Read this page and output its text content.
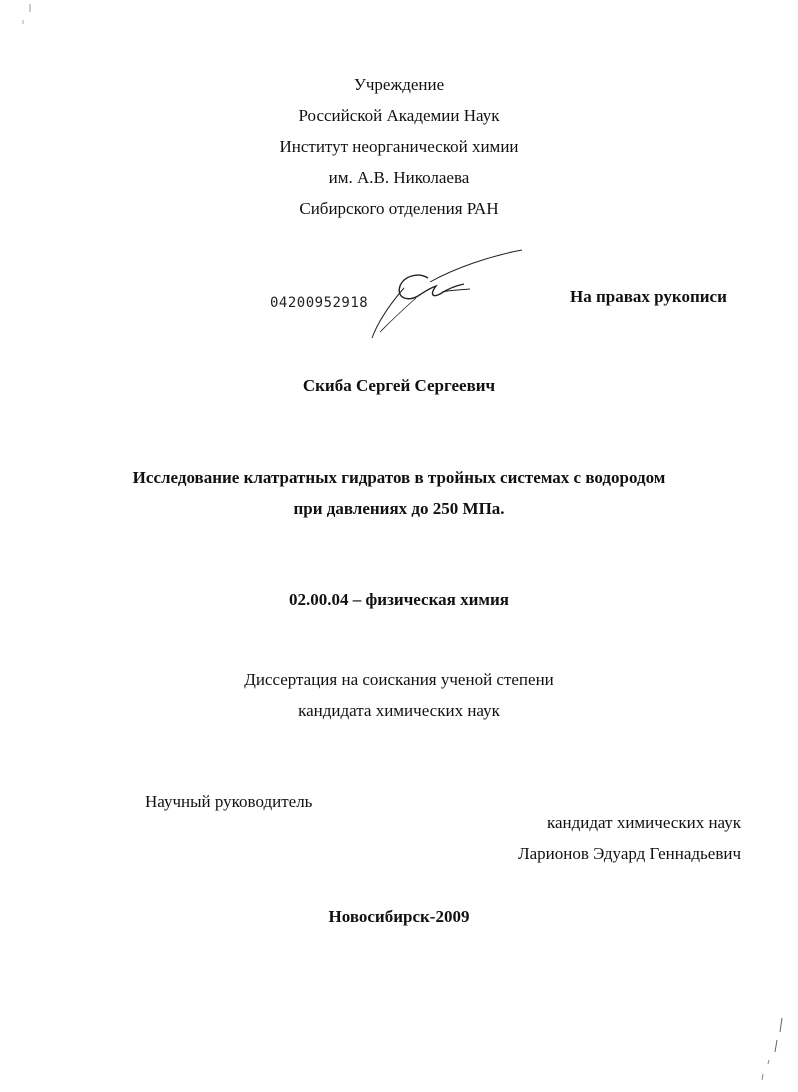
Учреждение
Российской Академии Наук
Институт неорганической химии
им. А.В. Николаева
Сибирского отделения РАН
04200952918	На правах рукописи
Скиба Сергей Сергеевич
Исследование клатратных гидратов в тройных системах с водородом
при давлениях до 250 МПа.
02.00.04 – физическая химия
Диссертация на соискания ученой степени
кандидата химических наук
Научный руководитель
кандидат химических наук
Ларионов Эдуард Геннадьевич
Новосибирск-2009
